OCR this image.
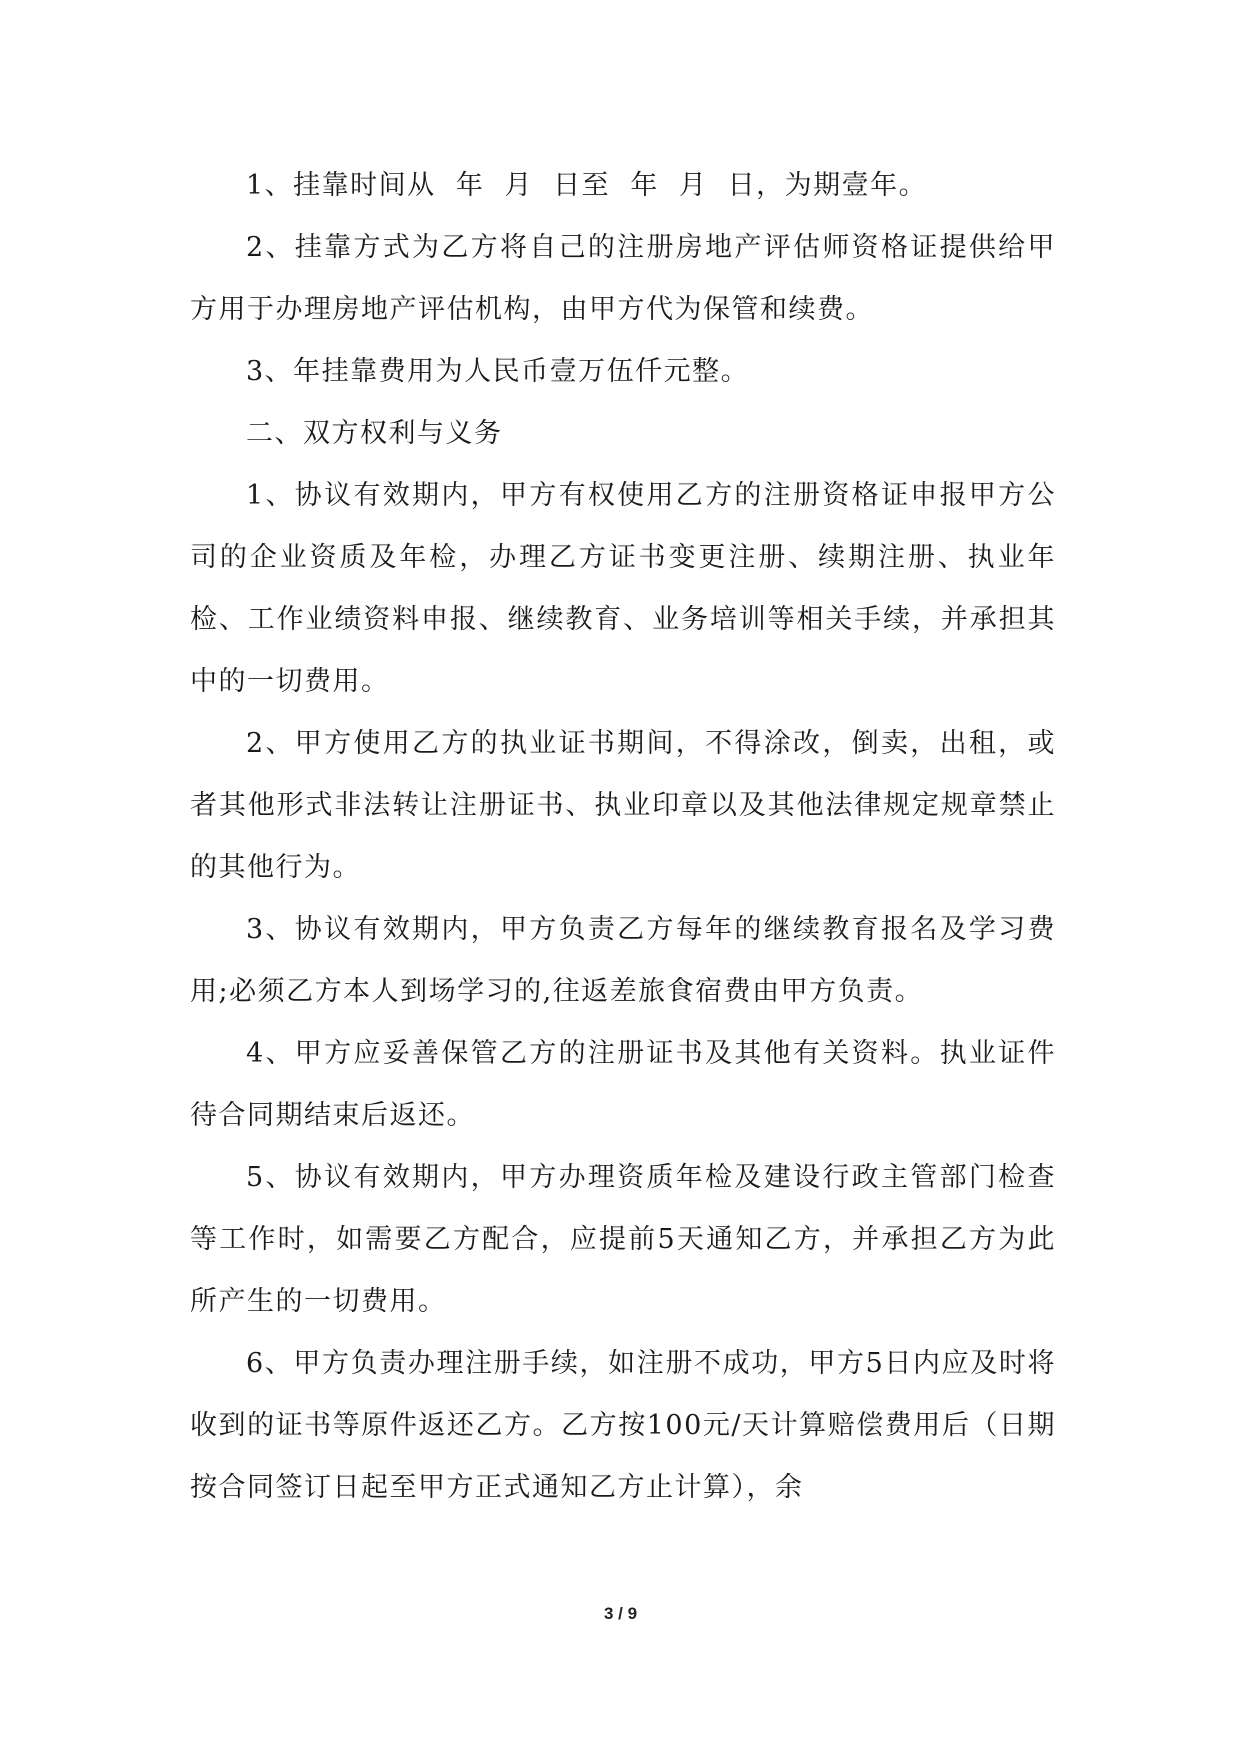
1、挂靠时间从  年  月  日至  年  月  日，为期壹年。

2、挂靠方式为乙方将自己的注册房地产评估师资格证提供给甲方用于办理房地产评估机构，由甲方代为保管和续费。

3、年挂靠费用为人民币壹万伍仟元整。

二、双方权利与义务

1、协议有效期内，甲方有权使用乙方的注册资格证申报甲方公司的企业资质及年检，办理乙方证书变更注册、续期注册、执业年检、工作业绩资料申报、继续教育、业务培训等相关手续，并承担其中的一切费用。

2、甲方使用乙方的执业证书期间，不得涂改，倒卖，出租，或者其他形式非法转让注册证书、执业印章以及其他法律规定规章禁止的其他行为。

3、协议有效期内，甲方负责乙方每年的继续教育报名及学习费用;必须乙方本人到场学习的,往返差旅食宿费由甲方负责。

4、甲方应妥善保管乙方的注册证书及其他有关资料。执业证件待合同期结束后返还。

5、协议有效期内，甲方办理资质年检及建设行政主管部门检查等工作时，如需要乙方配合，应提前5天通知乙方，并承担乙方为此所产生的一切费用。

6、甲方负责办理注册手续，如注册不成功，甲方5日内应及时将收到的证书等原件返还乙方。乙方按100元/天计算赔偿费用后（日期按合同签订日起至甲方正式通知乙方止计算），余

3 / 9
